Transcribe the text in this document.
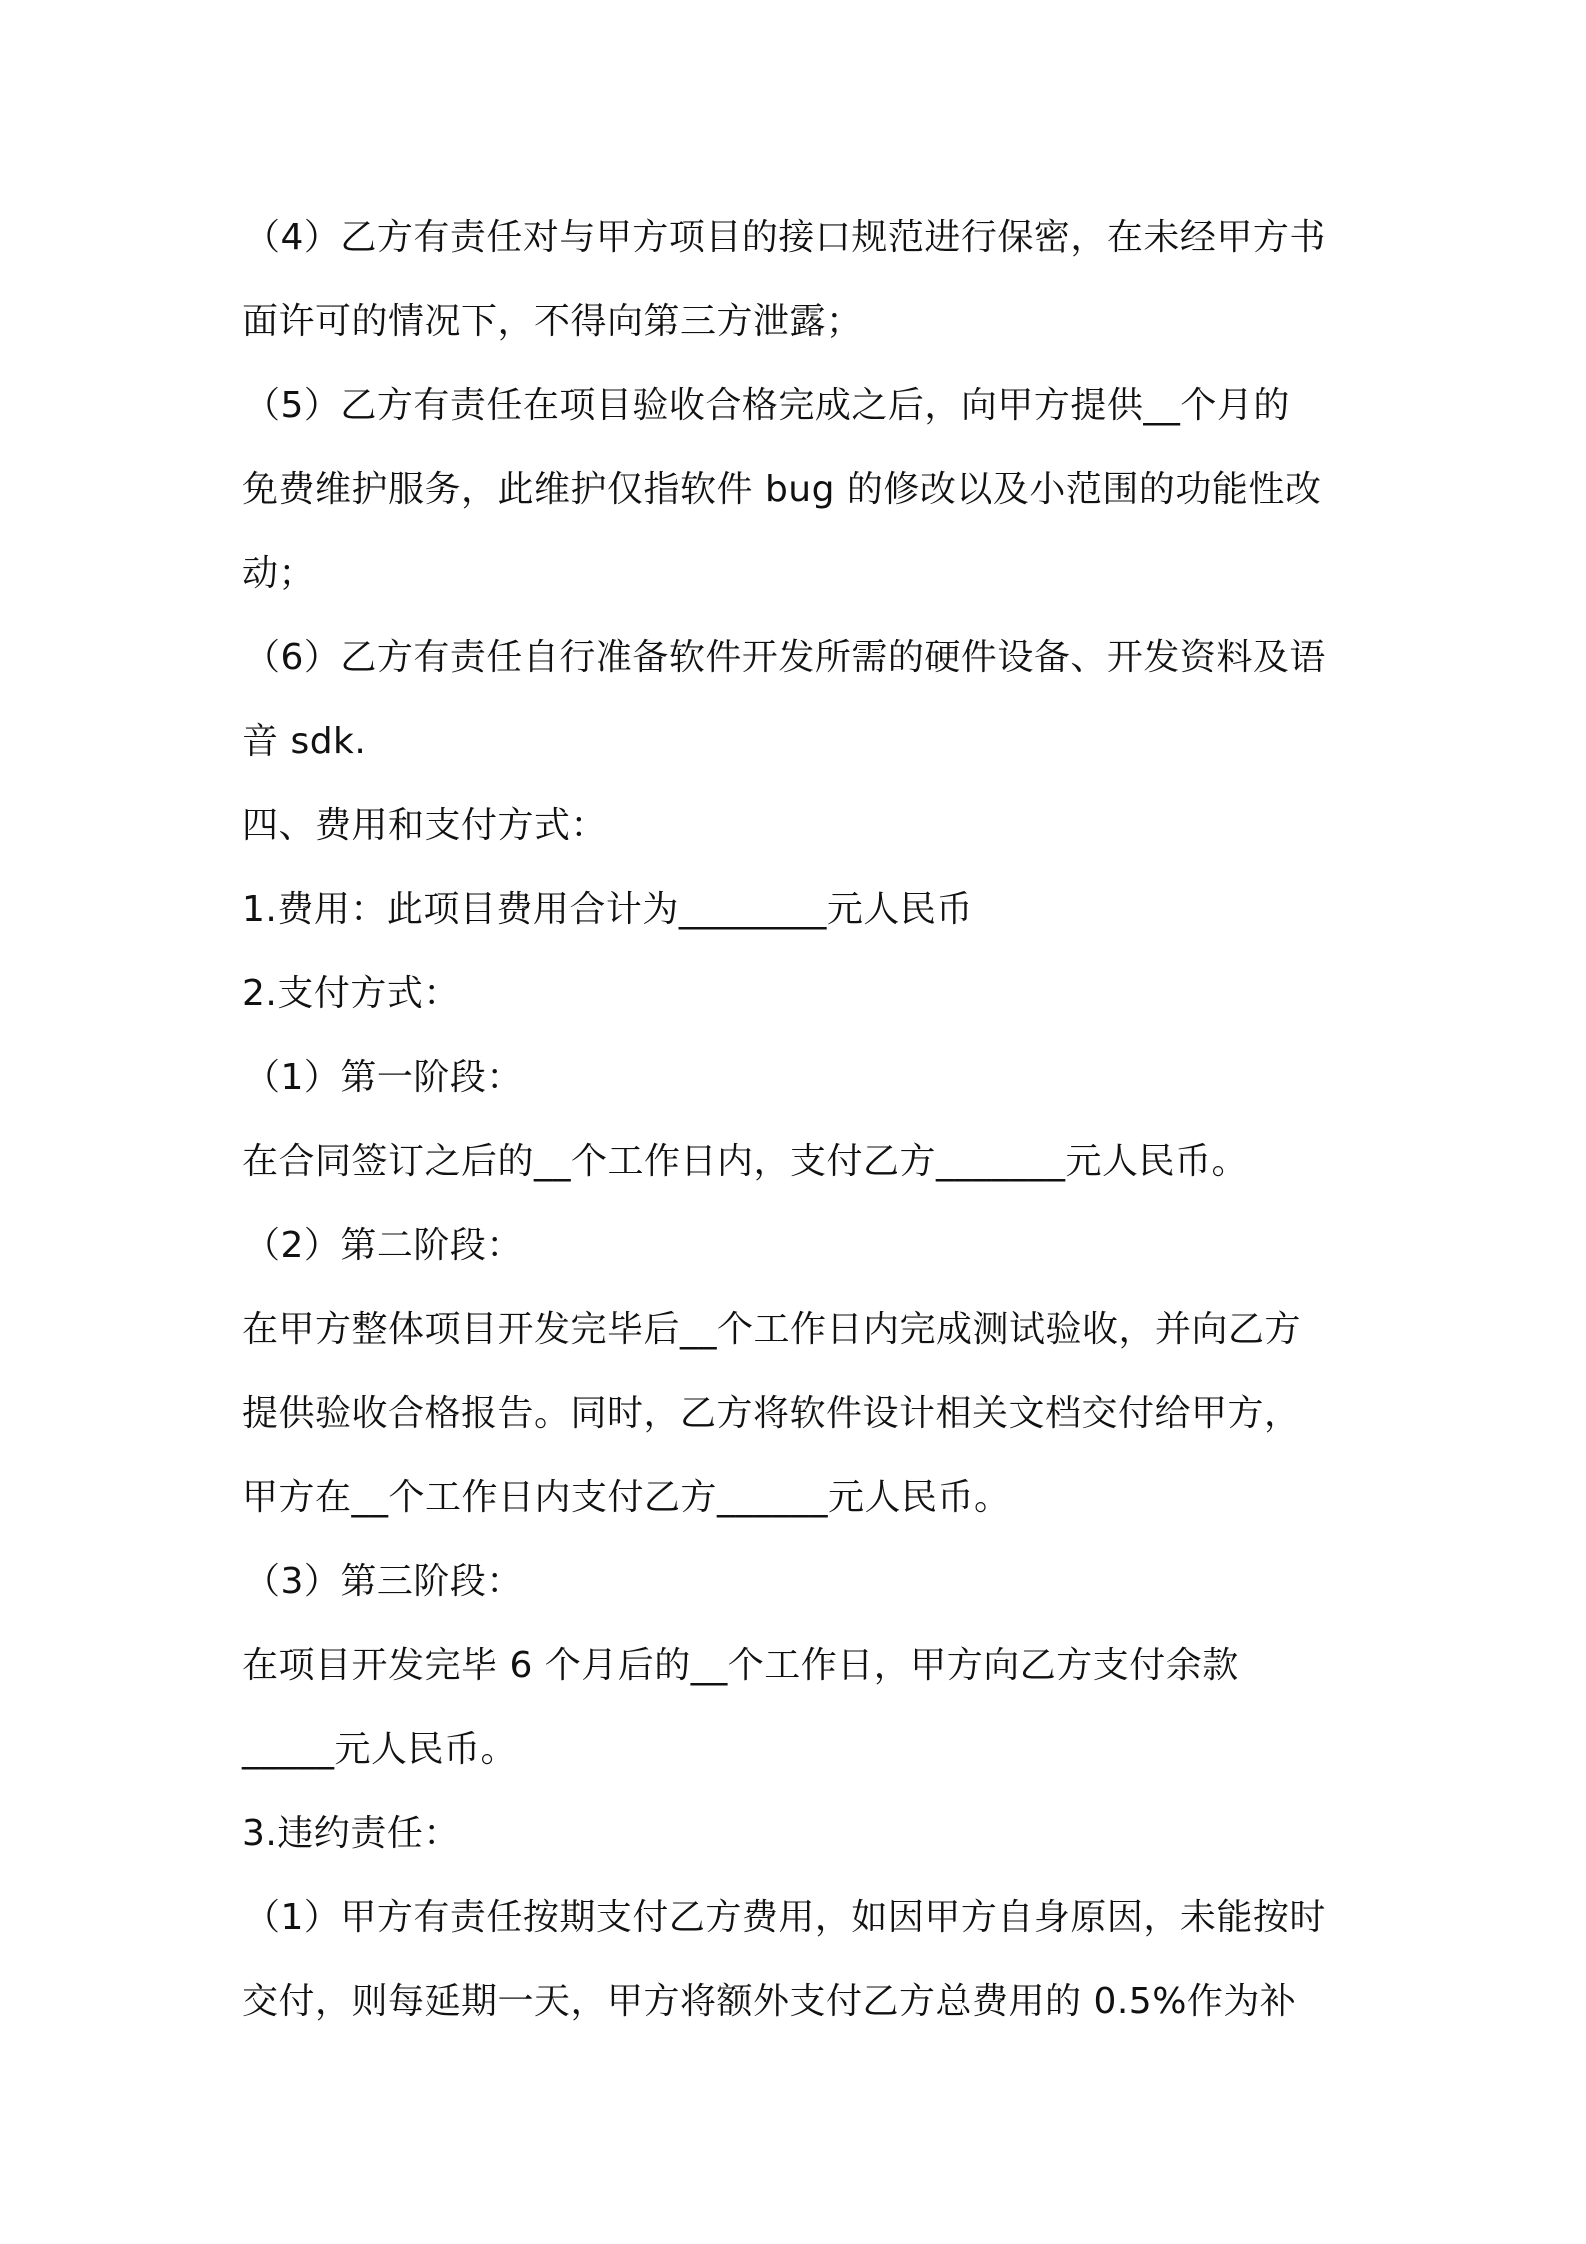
（4）乙方有责任对与甲方项目的接口规范进行保密，在未经甲方书
面许可的情况下，不得向第三方泄露；
（5）乙方有责任在项目验收合格完成之后，向甲方提供__个月的
免费维护服务，此维护仅指软件 bug 的修改以及小范围的功能性改
动；
（6）乙方有责任自行准备软件开发所需的硬件设备、开发资料及语
音 sdk.
四、费用和支付方式：
1.费用：此项目费用合计为________元人民币
2.支付方式：
（1）第一阶段：
在合同签订之后的__个工作日内，支付乙方_______元人民币。
（2）第二阶段：
在甲方整体项目开发完毕后__个工作日内完成测试验收，并向乙方
提供验收合格报告。同时，乙方将软件设计相关文档交付给甲方，
甲方在__个工作日内支付乙方______元人民币。
（3）第三阶段：
在项目开发完毕 6 个月后的__个工作日，甲方向乙方支付余款
_____元人民币。
3.违约责任：
（1）甲方有责任按期支付乙方费用，如因甲方自身原因，未能按时
交付，则每延期一天，甲方将额外支付乙方总费用的 0.5%作为补
